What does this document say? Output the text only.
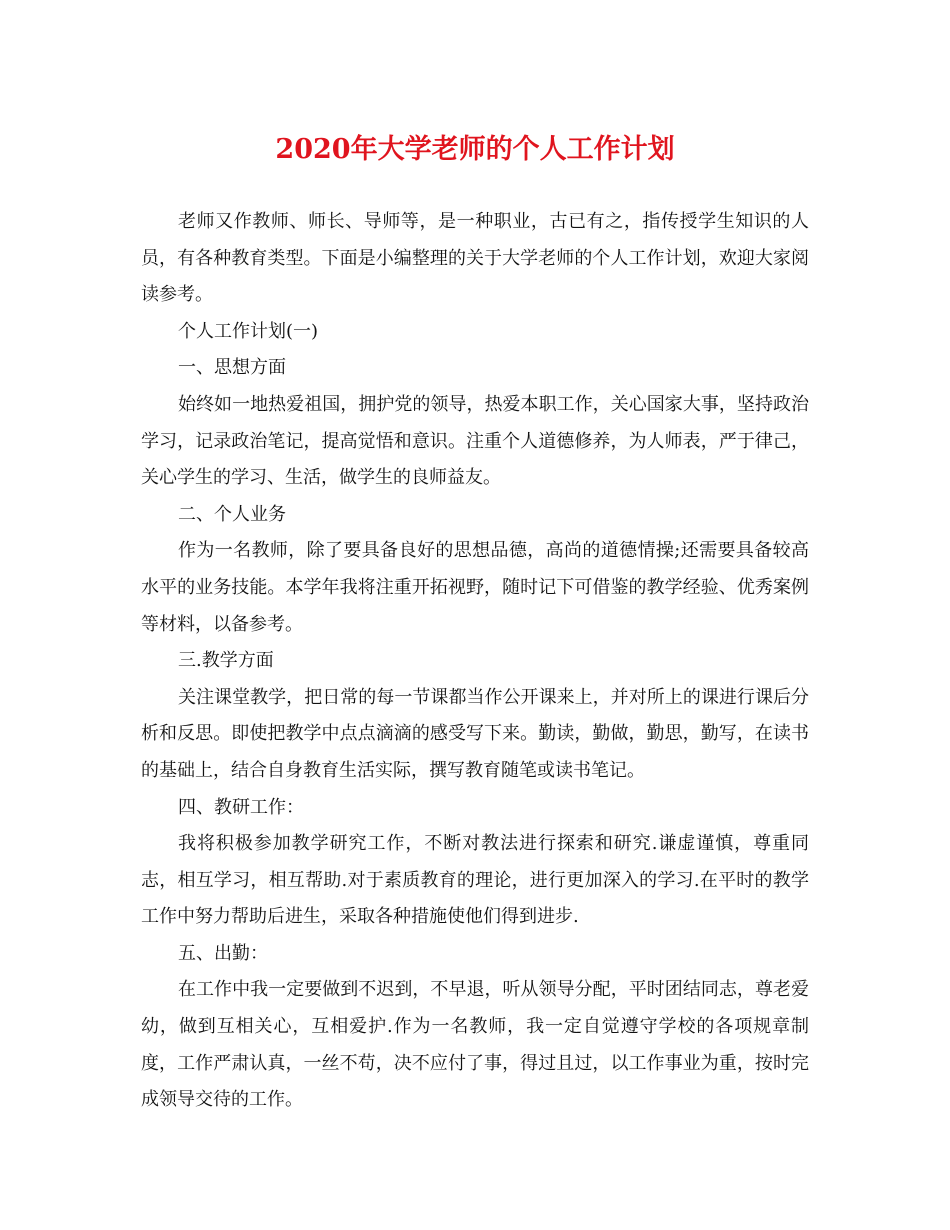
2020年大学老师的个人工作计划

老师又作教师、师长、导师等，是一种职业，古已有之，指传授学生知识的人员，有各种教育类型。下面是小编整理的关于大学老师的个人工作计划，欢迎大家阅读参考。

个人工作计划(一)

一、思想方面

始终如一地热爱祖国，拥护党的领导，热爱本职工作，关心国家大事，坚持政治学习，记录政治笔记，提高觉悟和意识。注重个人道德修养，为人师表，严于律己，关心学生的学习、生活，做学生的良师益友。

二、个人业务

作为一名教师，除了要具备良好的思想品德，高尚的道德情操;还需要具备较高水平的业务技能。本学年我将注重开拓视野，随时记下可借鉴的教学经验、优秀案例等材料，以备参考。

三.教学方面

关注课堂教学，把日常的每一节课都当作公开课来上，并对所上的课进行课后分析和反思。即使把教学中点点滴滴的感受写下来。勤读，勤做，勤思，勤写，在读书的基础上，结合自身教育生活实际，撰写教育随笔或读书笔记。

四、教研工作：

我将积极参加教学研究工作，不断对教法进行探索和研究.谦虚谨慎，尊重同志，相互学习，相互帮助.对于素质教育的理论，进行更加深入的学习.在平时的教学工作中努力帮助后进生，采取各种措施使他们得到进步.

五、出勤：

在工作中我一定要做到不迟到，不早退，听从领导分配，平时团结同志，尊老爱幼，做到互相关心，互相爱护.作为一名教师，我一定自觉遵守学校的各项规章制度，工作严肃认真，一丝不苟，决不应付了事，得过且过，以工作事业为重，按时完成领导交待的工作。
